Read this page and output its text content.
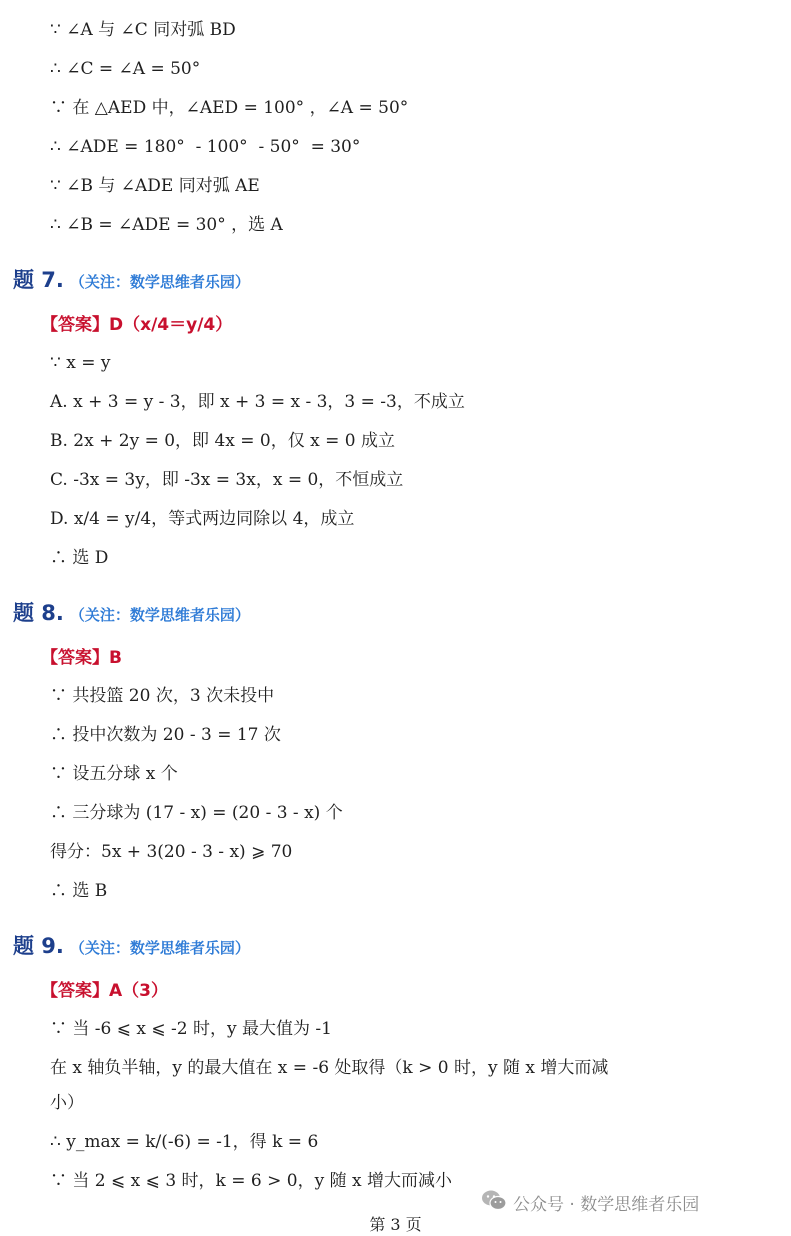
∵ ∠A 与 ∠C 同对弧 BD
∴ ∠C = ∠A = 50°
∵ 在 △AED 中，∠AED = 100° ，∠A = 50°
∴ ∠ADE = 180°  - 100°  - 50°  = 30°
∵ ∠B 与 ∠ADE 同对弧 AE
∴ ∠B = ∠ADE = 30° ，选 A
题 7. （关注：数学思维者乐园）
【答案】D（x/4＝y/4）
∵ x = y
A. x + 3 = y - 3，即 x + 3 = x - 3，3 = -3，不成立
B. 2x + 2y = 0，即 4x = 0，仅 x = 0 成立
C. -3x = 3y，即 -3x = 3x，x = 0，不恒成立
D. x/4 = y/4，等式两边同除以 4，成立
∴ 选 D
题 8. （关注：数学思维者乐园）
【答案】B
∵ 共投篮 20 次，3 次未投中
∴ 投中次数为 20 - 3 = 17 次
∵ 设五分球 x 个
∴ 三分球为 (17 - x) = (20 - 3 - x) 个
得分：5x + 3(20 - 3 - x) ⩾ 70
∴ 选 B
题 9. （关注：数学思维者乐园）
【答案】A（3）
∵ 当 -6 ⩽ x ⩽ -2 时，y 最大值为 -1
在 x 轴负半轴，y 的最大值在 x = -6 处取得（k > 0 时，y 随 x 增大而减
小）
∴ y_max = k/(-6) = -1，得 k = 6
∵ 当 2 ⩽ x ⩽ 3 时，k = 6 > 0，y 随 x 增大而减小
公众号 · 数学思维者乐园
第 3 页
